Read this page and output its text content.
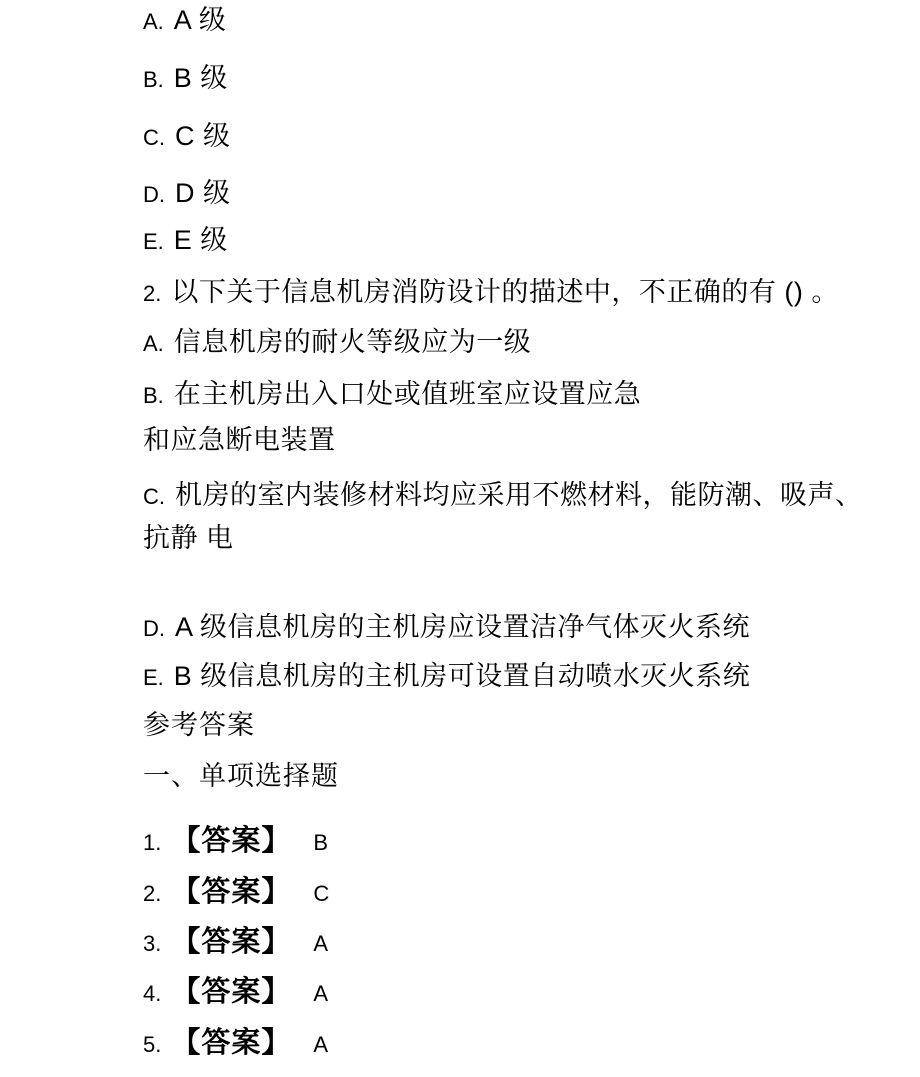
A. A 级
B. B 级
C. C 级
D. D 级
E. E 级
2. 以下关于信息机房消防设计的描述中，不正确的有 () 。
A. 信息机房的耐火等级应为一级
B. 在主机房出入口处或值班室应设置应急
和应急断电装置
C. 机房的室内装修材料均应采用不燃材料，能防潮、吸声、
抗静 电
D. A 级信息机房的主机房应设置洁净气体灭火系统
E. B 级信息机房的主机房可设置自动喷水灭火系统
参考答案
一、单项选择题
1. 【答案】 B
2. 【答案】 C
3. 【答案】 A
4. 【答案】 A
5. 【答案】 A
